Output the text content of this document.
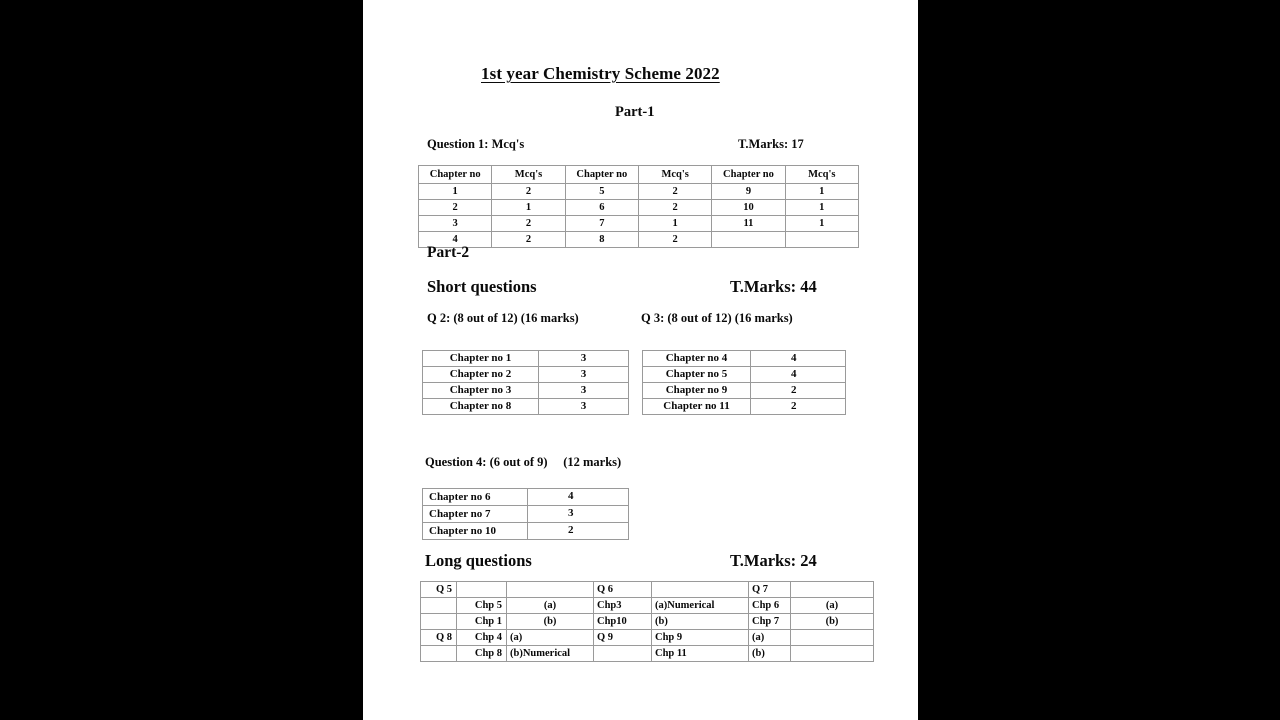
1st year Chemistry Scheme 2022
Part-1
Question 1: Mcq's	T.Marks: 17
Chapter no	Mcq's	Chapter no	Mcq's	Chapter no	Mcq's
1	2	5	2	9	1
2	1	6	2	10	1
3	2	7	1	11	1
4	2	8	2		
Part-2
Short questions	T.Marks: 44
Q 2: (8 out of 12) (16 marks)	Q 3: (8 out of 12) (16 marks)
Chapter no 1	3
Chapter no 2	3
Chapter no 3	3
Chapter no 8	3
Chapter no 4	4
Chapter no 5	4
Chapter no 9	2
Chapter no 11	2
Question 4: (6 out of 9)     (12 marks)
Chapter no 6	4
Chapter no 7	3
Chapter no 10	2
Long questions	T.Marks: 24
Q 5			Q 6		Q 7	
	Chp 5	(a)	Chp3	(a)Numerical	Chp 6	(a)
	Chp 1	(b)	Chp10	(b)	Chp 7	(b)
Q 8	Chp 4	(a)	Q 9	Chp 9	(a)	
	Chp 8	(b)Numerical		Chp 11	(b)	
